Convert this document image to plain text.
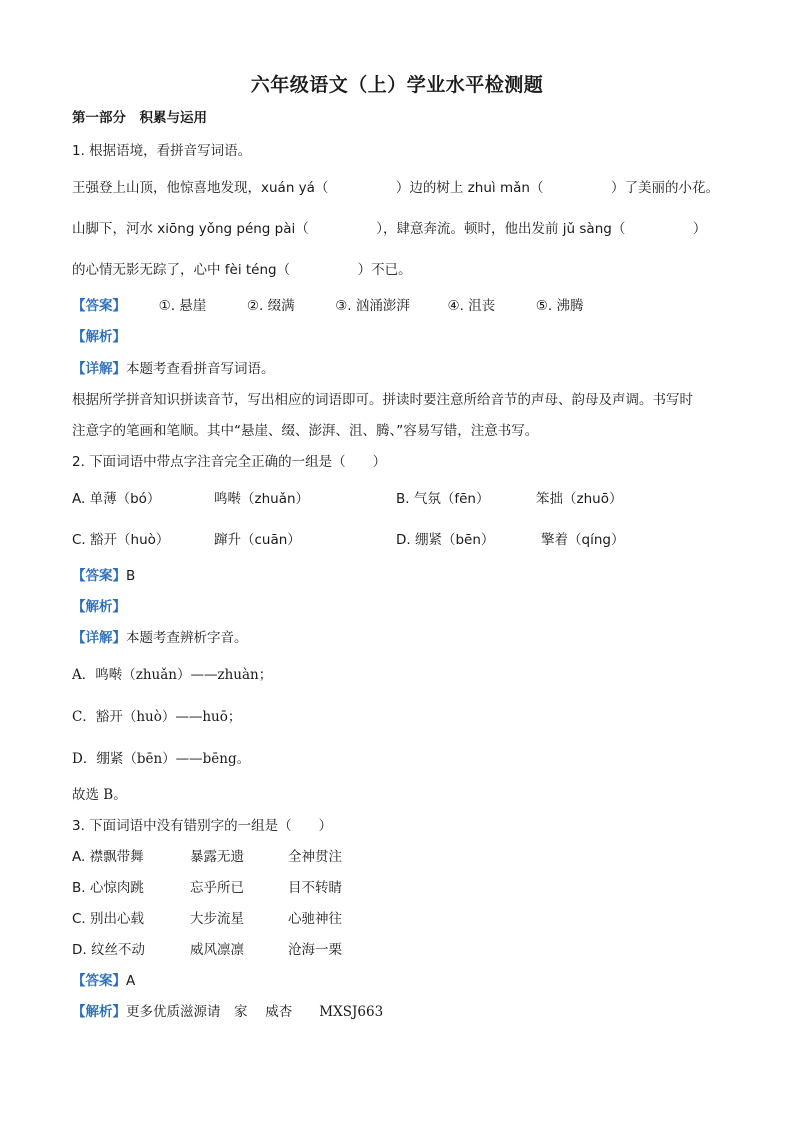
六年级语文（上）学业水平检测题
第一部分　积累与运用
1. 根据语境，看拼音写词语。
王强登上山顶，他惊喜地发现，xuán yá（　　　　　）边的树上 zhuì mǎn（　　　　　）了美丽的小花。
山脚下，河水 xiōng yǒng péng pài（　　　　　），肆意奔流。顿时，他出发前 jǔ sàng（　　　　　）
的心情无影无踪了，心中 fèi téng（　　　　　）不已。
【答案】 ①. 悬崖	②. 缀满	③. 汹涌澎湃	④. 沮丧	⑤. 沸腾
【解析】
【详解】本题考查看拼音写词语。
根据所学拼音知识拼读音节，写出相应的词语即可。拼读时要注意所给音节的声母、韵母及声调。书写时
注意字的笔画和笔顺。其中“悬崖、缀、澎湃、沮、腾、”容易写错，注意书写。
2. 下面词语中带点字注音完全正确的一组是（　　）
A. 单薄（bó）	鸣啭（zhuǎn）	B. 气氛（fēn）	笨拙（zhuō）
C. 豁开（huò）	蹿升（cuān）	D. 绷紧（bēn）	擎着（qíng）
【答案】B
【解析】
【详解】本题考查辨析字音。
A．鸣啭（zhuǎn）——zhuàn；
C．豁开（huò）——huō；
D．绷紧（bēn）——bēng。
故选 B。
3. 下面词语中没有错别字的一组是（　　）
A. 襟飘带舞	暴露无遗	全神贯注
B. 心惊肉跳	忘乎所已	目不转睛
C. 别出心载	大步流星	心驰神往
D. 纹丝不动	威风凛凛	沧海一栗
【答案】A
【解析】更多优质滋源请　家　 威杏　　MXSJ663
